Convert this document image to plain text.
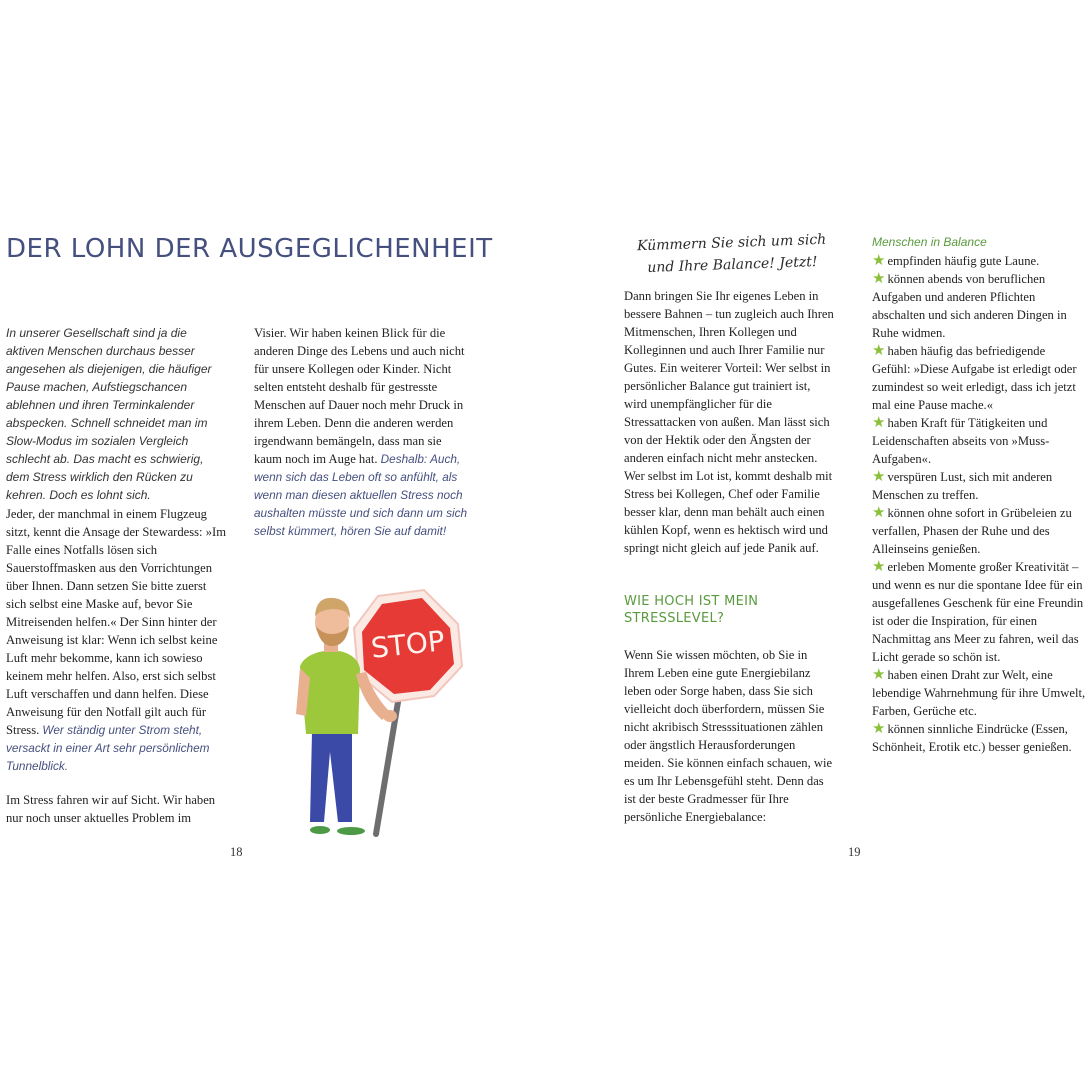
DER LOHN DER AUSGEGLICHENHEIT
In unserer Gesellschaft sind ja die aktiven Menschen durchaus besser angesehen als diejenigen, die häufiger Pause machen, Aufstiegschancen ablehnen und ihren Terminkalender abspecken. Schnell schneidet man im Slow-Modus im sozialen Vergleich schlecht ab. Das macht es schwierig, dem Stress wirklich den Rücken zu kehren. Doch es lohnt sich.
Jeder, der manchmal in einem Flugzeug sitzt, kennt die Ansage der Stewardess: »Im Falle eines Notfalls lösen sich Sauerstoffmasken aus den Vorrichtungen über Ihnen. Dann setzen Sie bitte zuerst sich selbst eine Maske auf, bevor Sie Mitreisenden helfen.« Der Sinn hinter der Anweisung ist klar: Wenn ich selbst keine Luft mehr bekomme, kann ich sowieso keinem mehr helfen. Also, erst sich selbst Luft verschaffen und dann helfen. Diese Anweisung für den Notfall gilt auch für Stress. Wer ständig unter Strom steht, versackt in einer Art sehr persönlichem Tunnelblick.
Im Stress fahren wir auf Sicht. Wir haben nur noch unser aktuelles Problem im
Visier. Wir haben keinen Blick für die anderen Dinge des Lebens und auch nicht für unsere Kollegen oder Kinder. Nicht selten entsteht deshalb für gestresste Menschen auf Dauer noch mehr Druck in ihrem Leben. Denn die anderen werden irgendwann bemängeln, dass man sie kaum noch im Auge hat. Deshalb: Auch, wenn sich das Leben oft so anfühlt, als wenn man diesen aktuellen Stress noch aushalten müsste und sich dann um sich selbst kümmert, hören Sie auf damit!
STOP
18
Kümmern Sie sich um sich
und Ihre Balance! Jetzt!
Dann bringen Sie Ihr eigenes Leben in bessere Bahnen – tun zugleich auch Ihren Mitmenschen, Ihren Kollegen und Kolleginnen und auch Ihrer Familie nur Gutes. Ein weiterer Vorteil: Wer selbst in persönlicher Balance gut trainiert ist, wird unempfänglicher für die Stressattacken von außen. Man lässt sich von der Hektik oder den Ängsten der anderen einfach nicht mehr anstecken. Wer selbst im Lot ist, kommt deshalb mit Stress bei Kollegen, Chef oder Familie besser klar, denn man behält auch einen kühlen Kopf, wenn es hektisch wird und springt nicht gleich auf jede Panik auf.
WIE HOCH IST MEIN STRESSLEVEL?
Wenn Sie wissen möchten, ob Sie in Ihrem Leben eine gute Energiebilanz leben oder Sorge haben, dass Sie sich vielleicht doch überfordern, müssen Sie nicht akribisch Stresssituationen zählen oder ängstlich Herausforderungen meiden. Sie können einfach schauen, wie es um Ihr Lebensgefühl steht. Denn das ist der beste Gradmesser für Ihre persönliche Energiebalance:
Menschen in Balance
★ empfinden häufig gute Laune.
★ können abends von beruflichen Aufgaben und anderen Pflichten abschalten und sich anderen Dingen in Ruhe widmen.
★ haben häufig das befriedigende Gefühl: »Diese Aufgabe ist erledigt oder zumindest so weit erledigt, dass ich jetzt mal eine Pause mache.«
★ haben Kraft für Tätigkeiten und Leidenschaften abseits von »Muss-Aufgaben«.
★ verspüren Lust, sich mit anderen Menschen zu treffen.
★ können ohne sofort in Grübeleien zu verfallen, Phasen der Ruhe und des Alleinseins genießen.
★ erleben Momente großer Kreativität – und wenn es nur die spontane Idee für ein ausgefallenes Geschenk für eine Freundin ist oder die Inspiration, für einen Nachmittag ans Meer zu fahren, weil das Licht gerade so schön ist.
★ haben einen Draht zur Welt, eine lebendige Wahrnehmung für ihre Umwelt, Farben, Gerüche etc.
★ können sinnliche Eindrücke (Essen, Schönheit, Erotik etc.) besser genießen.
19
